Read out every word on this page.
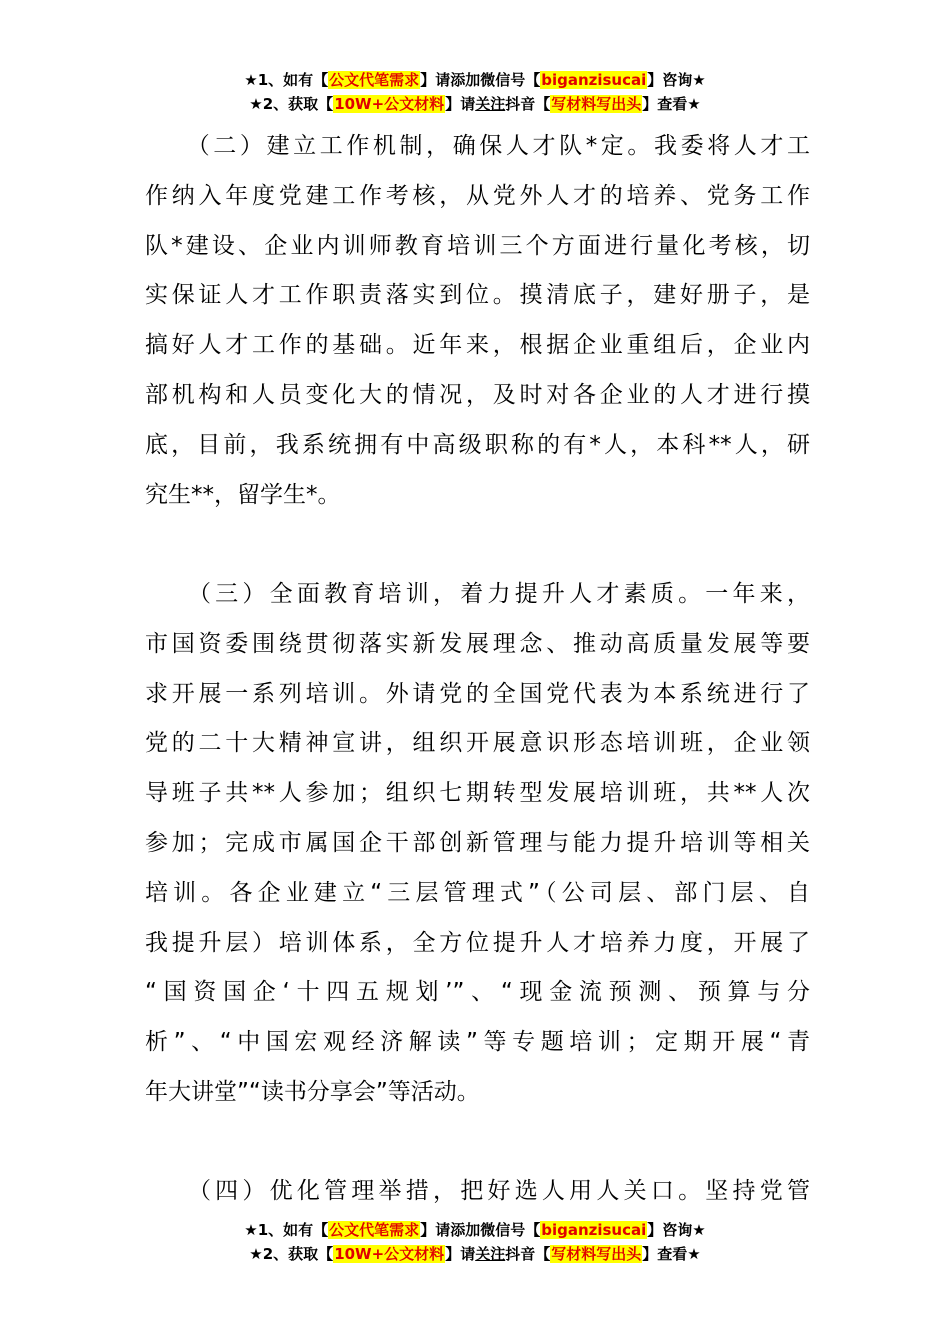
★1、如有【公文代笔需求】请添加微信号【biganzisucai】咨询★
★2、获取【10W+公文材料】请关注抖音【写材料写出头】查看★
　　（二）建立工作机制，确保人才队*定。我委将人才工
作纳入年度党建工作考核，从党外人才的培养、党务工作
队*建设、企业内训师教育培训三个方面进行量化考核，切
实保证人才工作职责落实到位。摸清底子，建好册子，是
搞好人才工作的基础。近年来，根据企业重组后，企业内
部机构和人员变化大的情况，及时对各企业的人才进行摸
底，目前，我系统拥有中高级职称的有*人，本科**人，研
究生**，留学生*。
　　（三）全面教育培训，着力提升人才素质。一年来，
市国资委围绕贯彻落实新发展理念、推动高质量发展等要
求开展一系列培训。外请党的全国党代表为本系统进行了
党的二十大精神宣讲，组织开展意识形态培训班，企业领
导班子共**人参加；组织七期转型发展培训班，共**人次
参加；完成市属国企干部创新管理与能力提升培训等相关
培训。各企业建立“三层管理式”（公司层、部门层、自
我提升层）培训体系，全方位提升人才培养力度，开展了
“国资国企‘十四五规划’”、“现金流预测、预算与分
析”、“中国宏观经济解读”等专题培训；定期开展“青
年大讲堂”“读书分享会”等活动。
　　（四）优化管理举措，把好选人用人关口。坚持党管
★1、如有【公文代笔需求】请添加微信号【biganzisucai】咨询★
★2、获取【10W+公文材料】请关注抖音【写材料写出头】查看★
